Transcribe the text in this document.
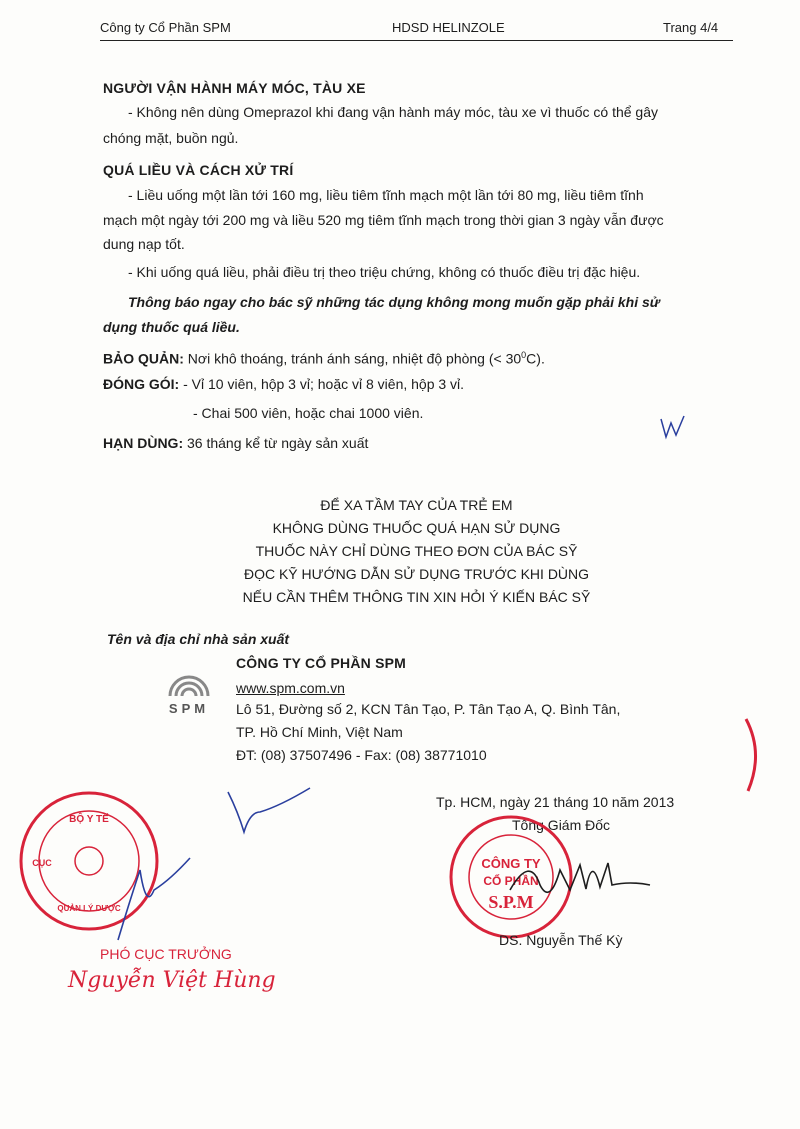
Công ty Cổ Phần SPM	HDSD HELINZOLE	Trang 4/4
NGƯỜI VẬN HÀNH MÁY MÓC, TÀU XE
- Không nên dùng Omeprazol khi đang vận hành máy móc, tàu xe vì thuốc có thể gây
chóng mặt, buồn ngủ.
QUÁ LIỀU VÀ CÁCH XỬ TRÍ
- Liều uống một lần tới 160 mg, liều tiêm tĩnh mạch một lần tới 80 mg, liều tiêm tĩnh
mạch một ngày tới 200 mg và liều 520 mg tiêm tĩnh mạch trong thời gian 3 ngày vẫn được
dung nạp tốt.
- Khi uống quá liều, phải điều trị theo triệu chứng, không có thuốc điều trị đặc hiệu.
Thông báo ngay cho bác sỹ những tác dụng không mong muốn gặp phải khi sử
dụng thuốc quá liều.
BẢO QUẢN: Nơi khô thoáng, tránh ánh sáng, nhiệt độ phòng (< $30^0C$).
ĐÓNG GÓI: - Vỉ 10 viên, hộp 3 vỉ; hoặc vỉ 8 viên, hộp 3 vỉ.
- Chai 500 viên, hoặc chai 1000 viên.
HẠN DÙNG: 36 tháng kể từ ngày sản xuất
ĐỂ XA TẦM TAY CỦA TRẺ EM
KHÔNG DÙNG THUỐC QUÁ HẠN SỬ DỤNG
THUỐC NÀY CHỈ DÙNG THEO ĐƠN CỦA BÁC SỸ
ĐỌC KỸ HƯỚNG DẪN SỬ DỤNG TRƯỚC KHI DÙNG
NẾU CẦN THÊM THÔNG TIN XIN HỎI Ý KIẾN BÁC SỸ
Tên và địa chỉ nhà sản xuất
CÔNG TY CỔ PHẦN SPM
SPM
www.spm.com.vn
Lô 51, Đường số 2, KCN Tân Tạo, P. Tân Tạo A, Q. Bình Tân,
TP. Hồ Chí Minh, Việt Nam
ĐT: (08) 37507496 - Fax: (08) 38771010
Tp. HCM, ngày 21 tháng 10 năm 2013
Tổng Giám Đốc
CÔNG TY
CỔ PHẦN
S.P.M
DS. Nguyễn Thế Kỳ
BỘ Y TẾ
CỤC
QUẢN LÝ DƯỢC
PHÓ CỤC TRƯỞNG
Nguyễn Việt Hùng
